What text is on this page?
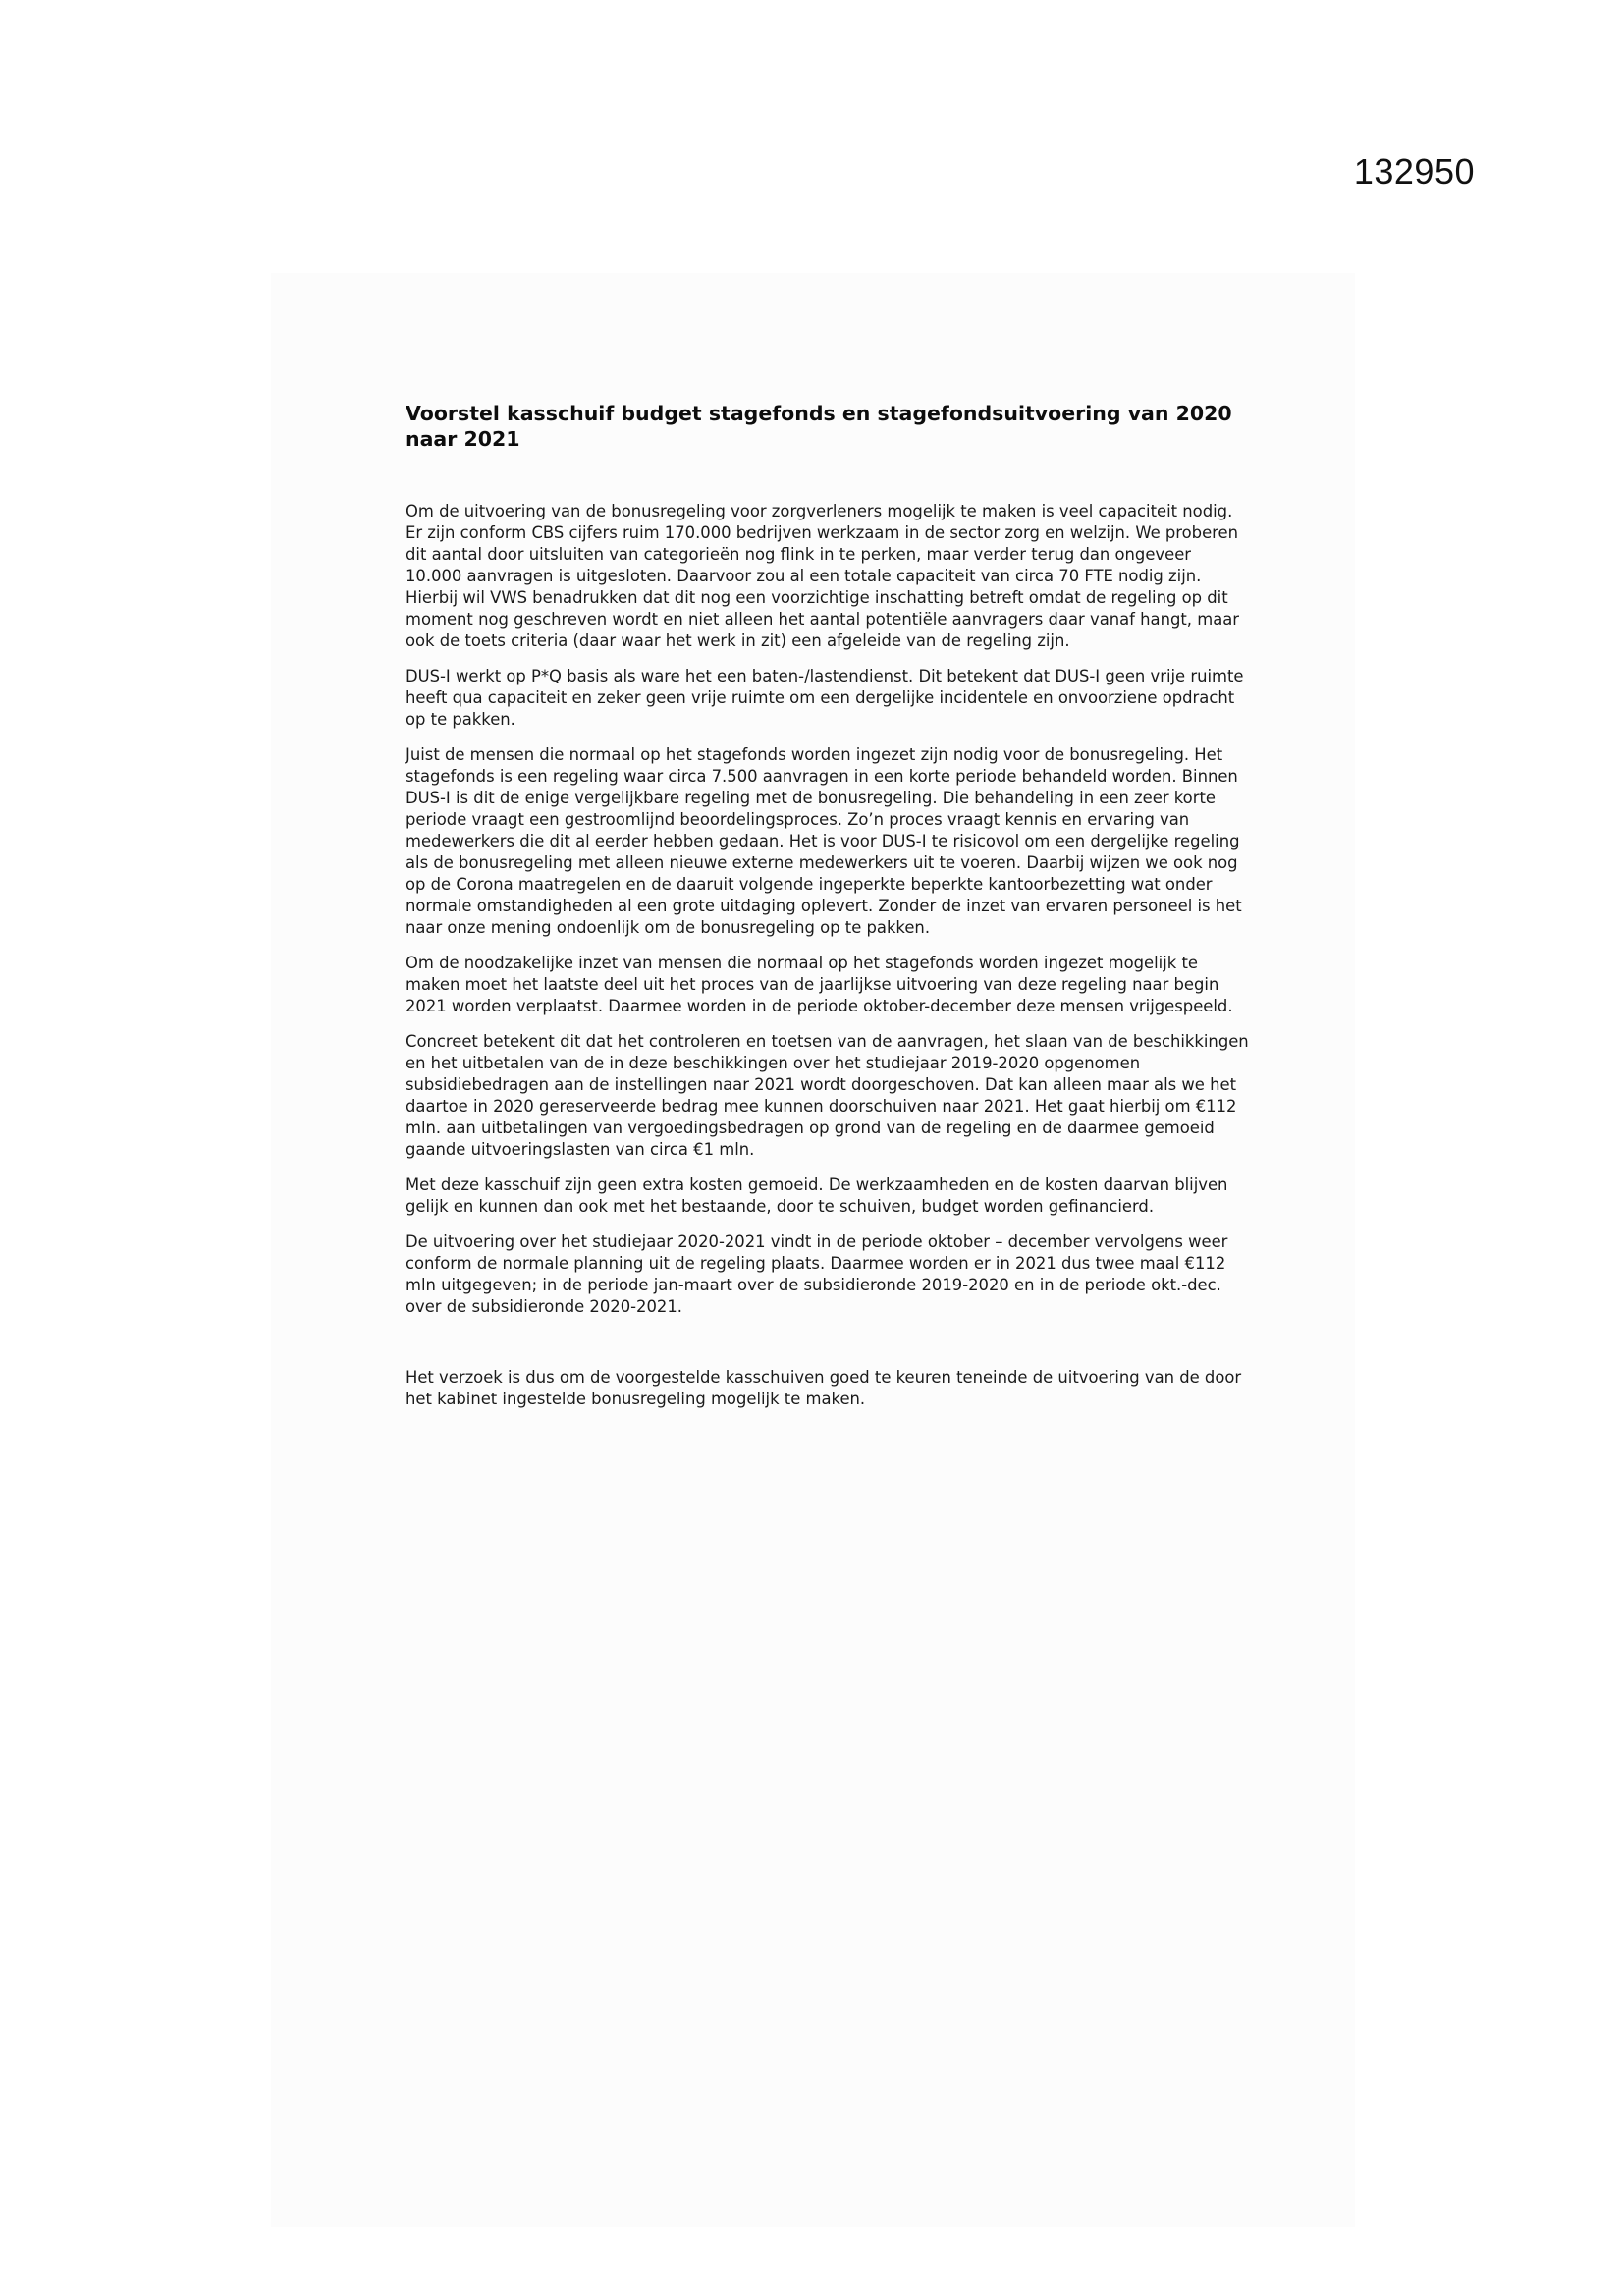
132950
Voorstel kasschuif budget stagefonds en stagefondsuitvoering van 2020 naar 2021

Om de uitvoering van de bonusregeling voor zorgverleners mogelijk te maken is veel capaciteit nodig. Er zijn conform CBS cijfers ruim 170.000 bedrijven werkzaam in de sector zorg en welzijn. We proberen dit aantal door uitsluiten van categorieën nog flink in te perken, maar verder terug dan ongeveer 10.000 aanvragen is uitgesloten. Daarvoor zou al een totale capaciteit van circa 70 FTE nodig zijn. Hierbij wil VWS benadrukken dat dit nog een voorzichtige inschatting betreft omdat de regeling op dit moment nog geschreven wordt en niet alleen het aantal potentiële aanvragers daar vanaf hangt, maar ook de toets criteria (daar waar het werk in zit) een afgeleide van de regeling zijn.

DUS-I werkt op P*Q basis als ware het een baten-/lastendienst. Dit betekent dat DUS-I geen vrije ruimte heeft qua capaciteit en zeker geen vrije ruimte om een dergelijke incidentele en onvoorziene opdracht op te pakken.

Juist de mensen die normaal op het stagefonds worden ingezet zijn nodig voor de bonusregeling. Het stagefonds is een regeling waar circa 7.500 aanvragen in een korte periode behandeld worden. Binnen DUS-I is dit de enige vergelijkbare regeling met de bonusregeling. Die behandeling in een zeer korte periode vraagt een gestroomlijnd beoordelingsproces. Zo’n proces vraagt kennis en ervaring van medewerkers die dit al eerder hebben gedaan. Het is voor DUS-I te risicovol om een dergelijke regeling als de bonusregeling met alleen nieuwe externe medewerkers uit te voeren. Daarbij wijzen we ook nog op de Corona maatregelen en de daaruit volgende ingeperkte beperkte kantoorbezetting wat onder normale omstandigheden al een grote uitdaging oplevert. Zonder de inzet van ervaren personeel is het naar onze mening ondoenlijk om de bonusregeling op te pakken.

Om de noodzakelijke inzet van mensen die normaal op het stagefonds worden ingezet mogelijk te maken moet het laatste deel uit het proces van de jaarlijkse uitvoering van deze regeling naar begin 2021 worden verplaatst. Daarmee worden in de periode oktober-december deze mensen vrijgespeeld.

Concreet betekent dit dat het controleren en toetsen van de aanvragen, het slaan van de beschikkingen en het uitbetalen van de in deze beschikkingen over het studiejaar 2019-2020 opgenomen subsidiebedragen aan de instellingen naar 2021 wordt doorgeschoven. Dat kan alleen maar als we het daartoe in 2020 gereserveerde bedrag mee kunnen doorschuiven naar 2021. Het gaat hierbij om €112 mln. aan uitbetalingen van vergoedingsbedragen op grond van de regeling en de daarmee gemoeid gaande uitvoeringslasten van circa €1 mln.

Met deze kasschuif zijn geen extra kosten gemoeid. De werkzaamheden en de kosten daarvan blijven gelijk en kunnen dan ook met het bestaande, door te schuiven, budget worden gefinancierd.

De uitvoering over het studiejaar 2020-2021 vindt in de periode oktober – december vervolgens weer conform de normale planning uit de regeling plaats. Daarmee worden er in 2021 dus twee maal €112 mln uitgegeven; in de periode jan-maart over de subsidieronde 2019-2020 en in de periode okt.-dec. over de subsidieronde 2020-2021.

Het verzoek is dus om de voorgestelde kasschuiven goed te keuren teneinde de uitvoering van de door het kabinet ingestelde bonusregeling mogelijk te maken.
